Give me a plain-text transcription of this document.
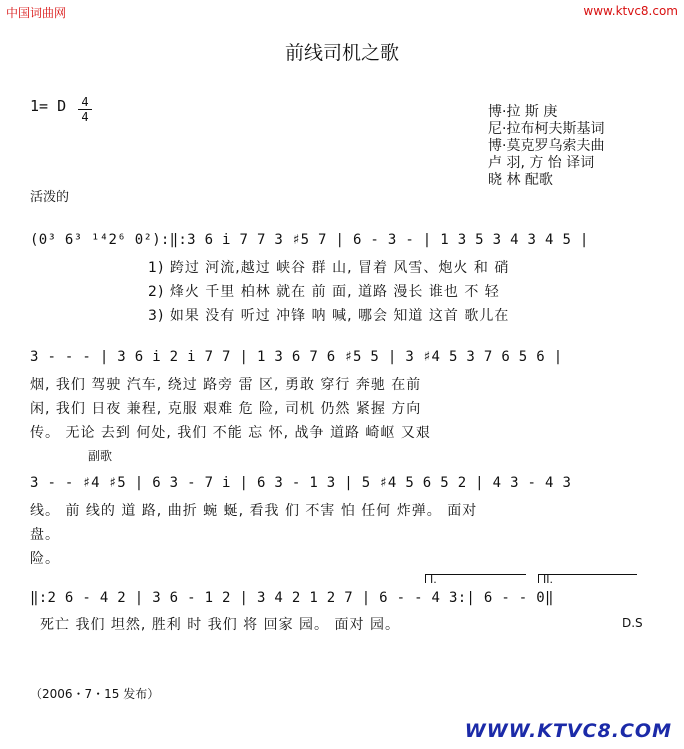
中国词曲网	www.ktvc8.com
前线司机之歌
1= D 4
4	博·拉 斯 庚
尼·拉布柯夫斯基词
博·莫克罗乌索夫曲
卢 羽, 方 怡 译词
晓 林 配歌
活泼的
(0³ 6³ ¹⁴2⁶ 0²):‖:3 6 i̇ 7 7 3 ♯5 7 | 6 - 3 - | 1 3 5 3 4 3 4 5 |
1) 跨过 河流,越过 峡谷 群 山, 冒着 风雪、炮火 和 硝
2) 烽火 千里 柏林 就在 前 面, 道路 漫长 谁也 不 轻
3) 如果 没有 听过 冲锋 呐 喊, 哪会 知道 这首 歌儿在
3 - - - | 3 6 i̇ 2 i̇ 7 7 | 1 3 6 7 6 ♯5 5 | 3 ♯4 5 3 7 6 5 6 |
烟, 我们 驾驶 汽车, 绕过 路旁 雷 区, 勇敢 穿行 奔驰 在前
闲, 我们 日夜 兼程, 克服 艰难 危 险, 司机 仍然 紧握 方向
传。 无论 去到 何处, 我们 不能 忘 怀, 战争 道路 崎岖 又艰
副歌
3 - - ♯4 ♯5 | 6 3 - 7 i̇ | 6 3 - 1 3 | 5 ♯4 5 6 5 2 | 4 3 - 4 3
线。 前 线的 道 路, 曲折 蜿 蜒, 看我 们 不害 怕 任何 炸弹。 面对
盘。
险。
I.	II.
‖:2 6 - 4 2 | 3 6 - 1 2 | 3 4 2 1 2 7 | 6 - - 4 3:| 6 - - 0‖
死亡 我们 坦然, 胜利 时 我们 将 回家 园。 面对 园。	D.S
（2006・7・15 发布）
WWW.KTVC8.COM
